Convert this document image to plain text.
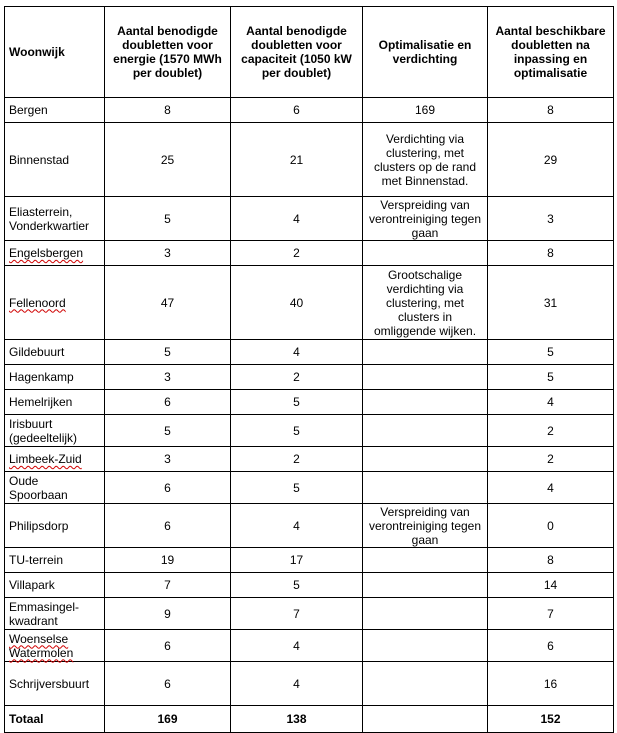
Woonwijk	Aantal benodigde doubletten voor energie (1570 MWh per doublet)	Aantal benodigde doubletten voor capaciteit (1050 kW per doublet)	Optimalisatie en verdichting	Aantal beschikbare doubletten na inpassing en optimalisatie
Bergen	8	6	169	8
Binnenstad	25	21	Verdichting via clustering, met clusters op de rand met Binnenstad.	29
Eliasterrein, Vonderkwartier	5	4	Verspreiding van verontreiniging tegen gaan	3
Engelsbergen	3	2		8
Fellenoord	47	40	Grootschalige verdichting via clustering, met clusters in omliggende wijken.	31
Gildebuurt	5	4		5
Hagenkamp	3	2		5
Hemelrijken	6	5		4
Irisbuurt (gedeeltelijk)	5	5		2
Limbeek-Zuid	3	2		2
Oude Spoorbaan	6	5		4
Philipsdorp	6	4	Verspreiding van verontreiniging tegen gaan	0
TU-terrein	19	17		8
Villapark	7	5		14
Emmasingel-kwadrant	9	7		7
Woenselse Watermolen	6	4		6
Schrijversbuurt	6	4		16
Totaal	169	138		152
